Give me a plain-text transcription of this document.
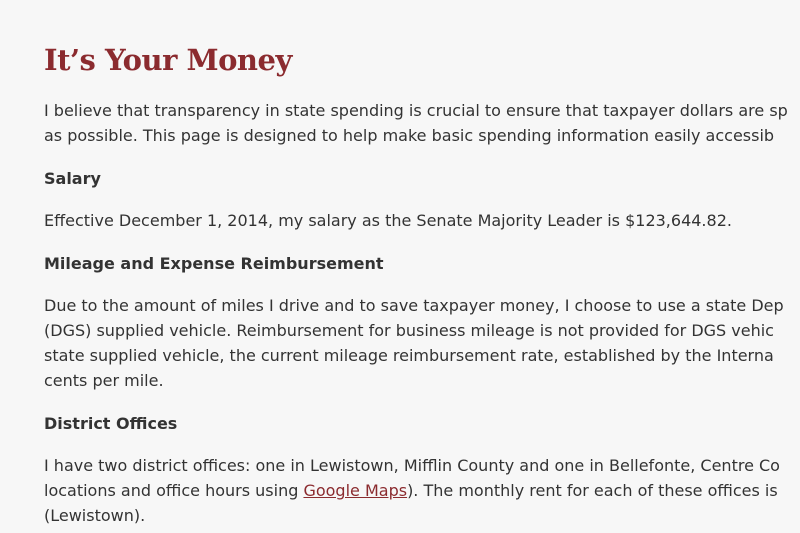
It’s Your Money

I believe that transparency in state spending is crucial to ensure that taxpayer dollars are sp
as possible. This page is designed to help make basic spending information easily accessib

Salary

Effective December 1, 2014, my salary as the Senate Majority Leader is $123,644.82.

Mileage and Expense Reimbursement

Due to the amount of miles I drive and to save taxpayer money, I choose to use a state Dep
(DGS) supplied vehicle. Reimbursement for business mileage is not provided for DGS vehic
state supplied vehicle, the current mileage reimbursement rate, established by the Interna
cents per mile.

District Offices

I have two district offices: one in Lewistown, Mifflin County and one in Bellefonte, Centre Co
locations and office hours using Google Maps). The monthly rent for each of these offices is
(Lewistown).
